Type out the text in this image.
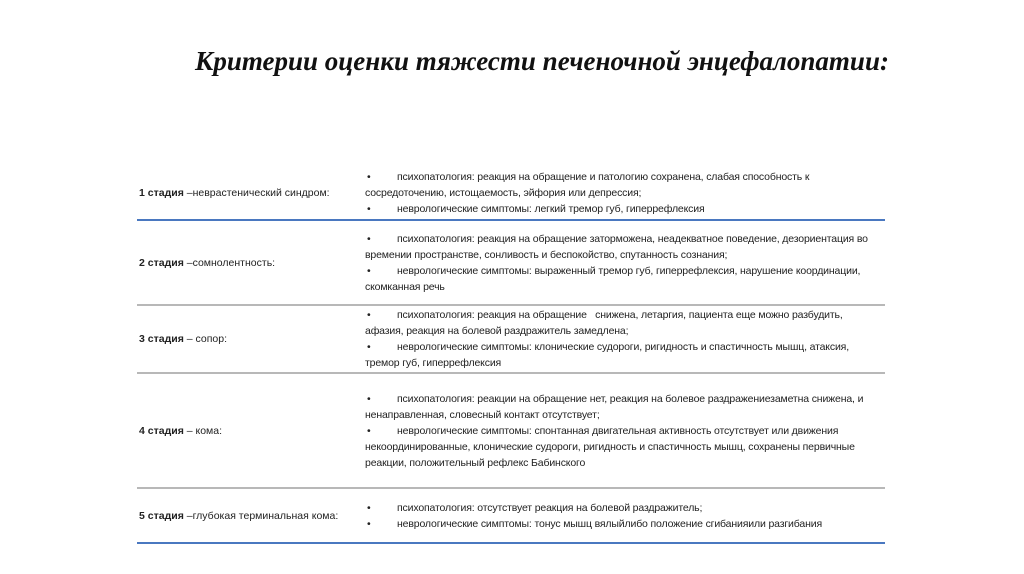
Критерии оценки тяжести печеночной энцефалопатии:
1 стадия –неврастенический синдром:
•	психопатология: реакция на обращение и патологию сохранена, слабая способность к сосредоточению, истощаемость, эйфория или депрессия;
•	неврологические симптомы: легкий тремор губ, гиперрефлексия
2 стадия –сомнолентность:
•	психопатология: реакция на обращение заторможена, неадекватное поведение, дезориентация во времении пространстве, сонливость и беспокойство, спутанность сознания;
•	неврологические симптомы: выраженный тремор губ, гиперрефлексия, нарушение координации, скомканная речь
3 стадия – сопор:
•	психопатология: реакция на обращение   снижена, летаргия, пациента еще можно разбудить, афазия, реакция на болевой раздражитель замедлена;
•	неврологические симптомы: клонические судороги, ригидность и спастичность мышц, атаксия, тремор губ, гиперрефлексия
4 стадия – кома:
•	психопатология: реакции на обращение нет, реакция на болевое раздражениезаметна снижена, и ненаправленная, словесный контакт отсутствует;
•	неврологические симптомы: спонтанная двигательная активность отсутствует или движения некоординированные, клонические судороги, ригидность и спастичность мышц, сохранены первичные реакции, положительный рефлекс Бабинского
5 стадия –глубокая терминальная кома:
•	психопатология: отсутствует реакция на болевой раздражитель;
•	неврологические симптомы: тонус мышц вялыйлибо положение сгибанияили разгибания
